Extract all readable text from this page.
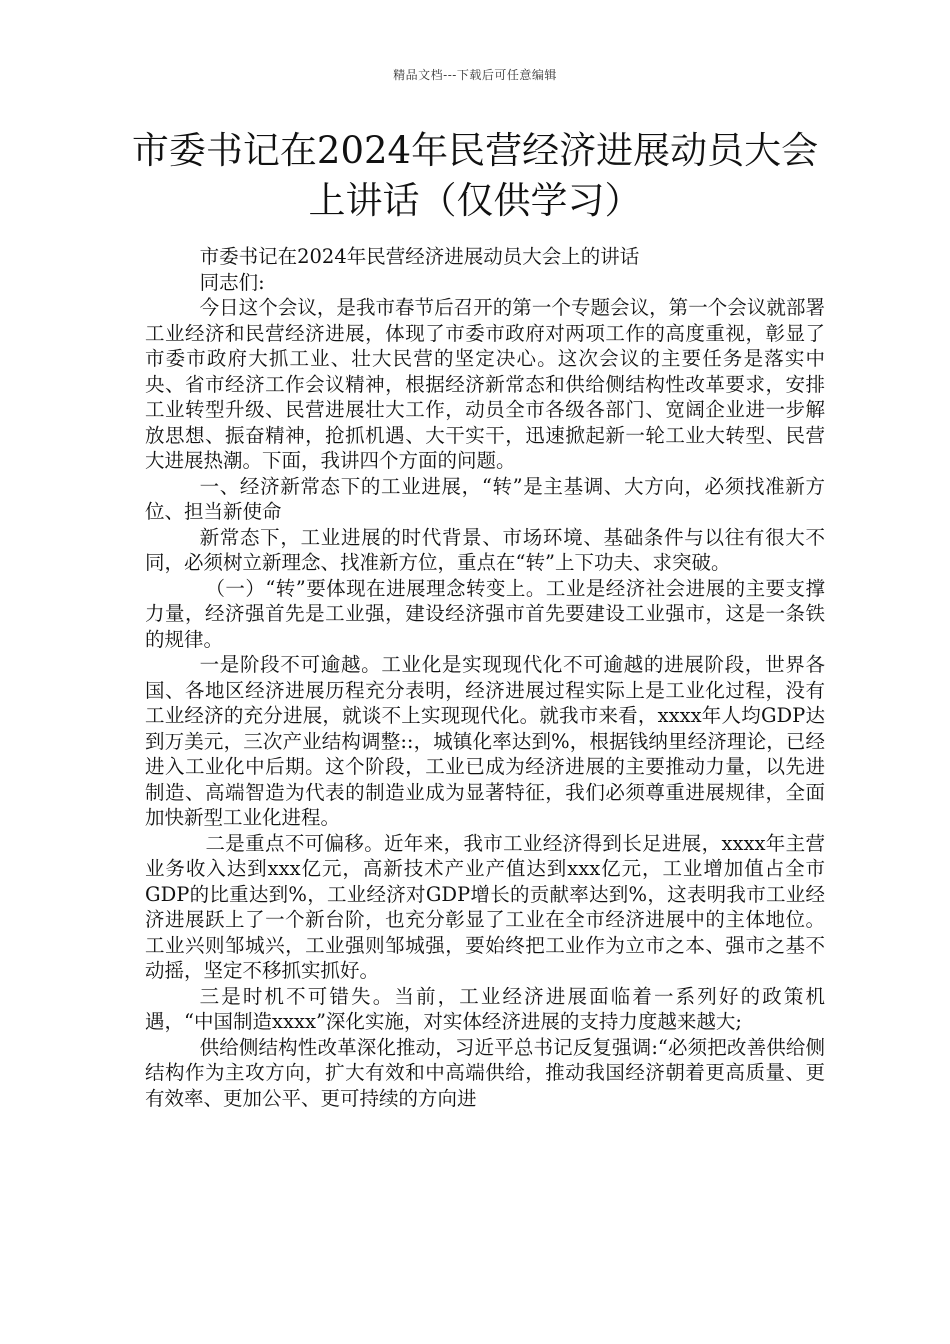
精品文档---下载后可任意编辑
市委书记在2024年民营经济进展动员大会
上讲话（仅供学习）

市委书记在2024年民营经济进展动员大会上的讲话

同志们:

今日这个会议，是我市春节后召开的第一个专题会议，第一个会议就部署工业经济和民营经济进展，体现了市委市政府对两项工作的高度重视，彰显了市委市政府大抓工业、壮大民营的坚定决心。这次会议的主要任务是落实中央、省市经济工作会议精神，根据经济新常态和供给侧结构性改革要求，安排工业转型升级、民营进展壮大工作，动员全市各级各部门、宽阔企业进一步解放思想、振奋精神，抢抓机遇、大干实干，迅速掀起新一轮工业大转型、民营大进展热潮。下面，我讲四个方面的问题。

一、经济新常态下的工业进展，“转”是主基调、大方向，必须找准新方位、担当新使命

新常态下，工业进展的时代背景、市场环境、基础条件与以往有很大不同，必须树立新理念、找准新方位，重点在“转”上下功夫、求突破。

（一）“转”要体现在进展理念转变上。工业是经济社会进展的主要支撑力量，经济强首先是工业强，建设经济强市首先要建设工业强市，这是一条铁的规律。

一是阶段不可逾越。工业化是实现现代化不可逾越的进展阶段，世界各国、各地区经济进展历程充分表明，经济进展过程实际上是工业化过程，没有工业经济的充分进展，就谈不上实现现代化。就我市来看，xxxx年人均GDP达到万美元，三次产业结构调整::，城镇化率达到%，根据钱纳里经济理论，已经进入工业化中后期。这个阶段，工业已成为经济进展的主要推动力量，以先进制造、高端智造为代表的制造业成为显著特征，我们必须尊重进展规律，全面加快新型工业化进程。

二是重点不可偏移。近年来，我市工业经济得到长足进展，xxxx年主营业务收入达到xxx亿元，高新技术产业产值达到xxx亿元，工业增加值占全市GDP的比重达到%，工业经济对GDP增长的贡献率达到%，这表明我市工业经济进展跃上了一个新台阶，也充分彰显了工业在全市经济进展中的主体地位。工业兴则邹城兴，工业强则邹城强，要始终把工业作为立市之本、强市之基不动摇，坚定不移抓实抓好。

三是时机不可错失。当前，工业经济进展面临着一系列好的政策机遇，“中国制造xxxx”深化实施，对实体经济进展的支持力度越来越大;

供给侧结构性改革深化推动，习近平总书记反复强调:“必须把改善供给侧结构作为主攻方向，扩大有效和中高端供给，推动我国经济朝着更高质量、更有效率、更加公平、更可持续的方向进
